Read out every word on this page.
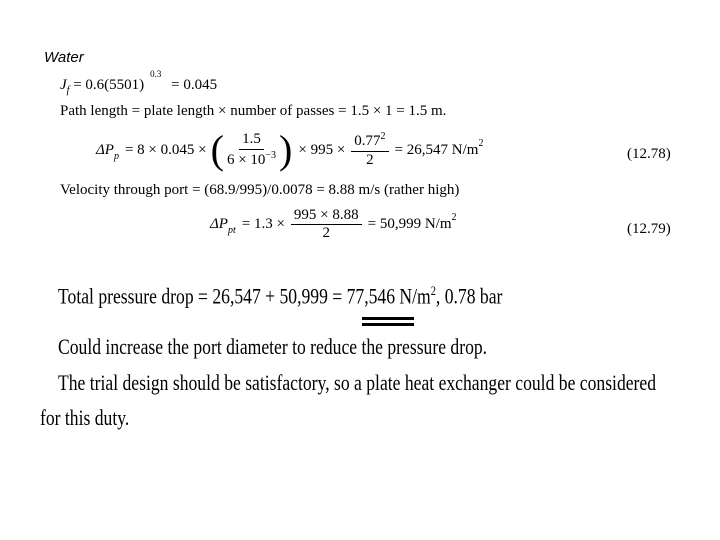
Water
$J_f = 0.6(5501)^{0.3} = 0.045$
Path length = plate length × number of passes = 1.5 × 1 = 1.5 m.
$\Delta P_p = 8 \times 0.045$ × ( $\frac{1.5}{6 \times 10^{-3}}$ ) × $995 \times \frac{0.77^2}{2} = 26,547$ $N/m^2$
(12.78)
Velocity through port = (68.9/995)/0.0078 = 8.88 m/s (rather high)
$\Delta P_{pt} = 1.3 \times \frac{995 \times 8.88}{2} = 50,999$ $N/m^2$
(12.79)
Total pressure drop = 26,547 + 50,999 = 77,546 $N/m^2$, 0.78 bar
Could increase the port diameter to reduce the pressure drop.
The trial design should be satisfactory, so a plate heat exchanger could be considered
for this duty.
